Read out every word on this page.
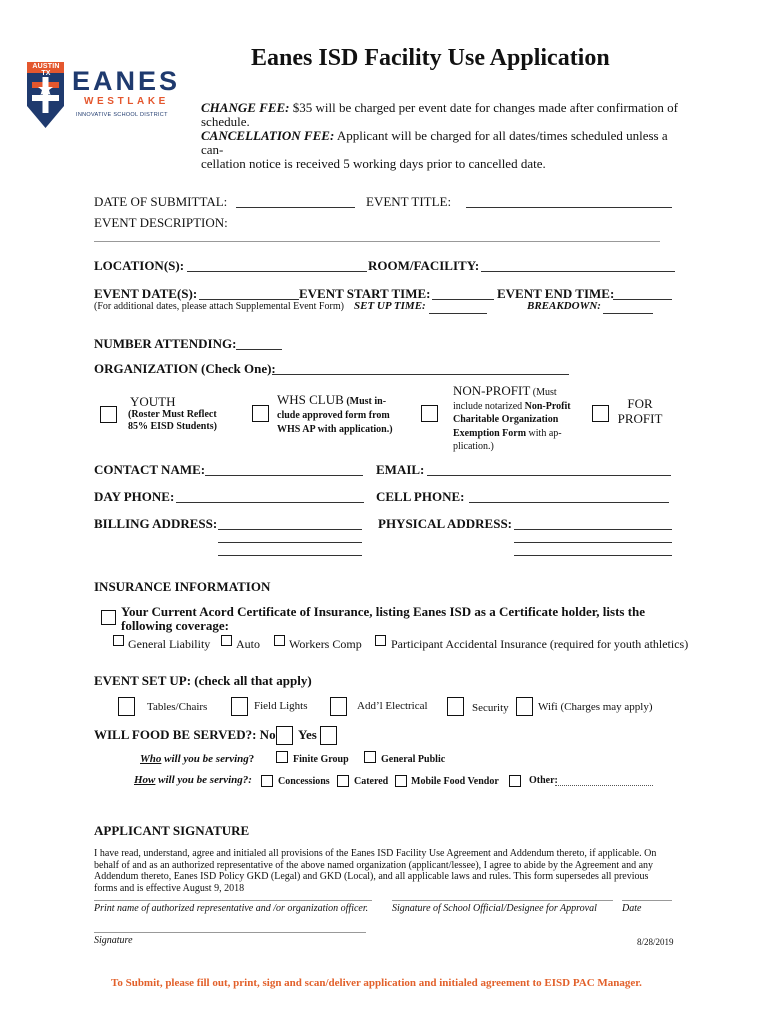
AUSTIN TX EANES
WESTLAKE
INNOVATIVE SCHOOL DISTRICT
Eanes ISD Facility Use Application
CHANGE FEE: $35 will be charged per event date for changes made after confirmation of
schedule.
CANCELLATION FEE: Applicant will be charged for all dates/times scheduled unless a can-
cellation notice is received 5 working days prior to cancelled date.
DATE OF SUBMITTAL:	EVENT TITLE:
EVENT DESCRIPTION:
LOCATION(S):	ROOM/FACILITY:
EVENT DATE(S):	EVENT START TIME:	EVENT END TIME:
(For additional dates, please attach Supplemental Event Form) SET UP TIME:	BREAKDOWN:
NUMBER ATTENDING:
ORGANIZATION (Check One):
YOUTH
(Roster Must Reflect
85% EISD Students)
WHS CLUB (Must in-
clude approved form from
WHS AP with application.)
NON-PROFIT (Must
include notarized Non-Profit
Charitable Organization
Exemption Form with ap-
plication.)
FOR
PROFIT
CONTACT NAME:	EMAIL:
DAY PHONE:	CELL PHONE:
BILLING ADDRESS:	PHYSICAL ADDRESS:
INSURANCE INFORMATION
Your Current Acord Certificate of Insurance, listing Eanes ISD as a Certificate holder, lists the
following coverage:
General Liability Auto Workers Comp Participant Accidental Insurance (required for youth athletics)
EVENT SET UP: (check all that apply)
Tables/Chairs	Field Lights	Add’l Electrical	Security	Wifi (Charges may apply)
WILL FOOD BE SERVED?: No Yes
Who will you be serving?	Finite Group	General Public
How will you be serving?:	Concessions Catered Mobile Food Vendor	Other:
APPLICANT SIGNATURE
I have read, understand, agree and initialed all provisions of the Eanes ISD Facility Use Agreement and Addendum thereto, if applicable. On
behalf of and as an authorized representative of the above named organization (applicant/lessee), I agree to abide by the Agreement and any
Addendum thereto, Eanes ISD Policy GKD (Legal) and GKD (Local), and all applicable laws and rules. This form supersedes all previous
forms and is effective August 9, 2018
Print name of authorized representative and /or organization officer. Signature of School Official/Designee for Approval	Date
Signature	8/28/2019
To Submit, please fill out, print, sign and scan/deliver application and initialed agreement to EISD PAC Manager.
